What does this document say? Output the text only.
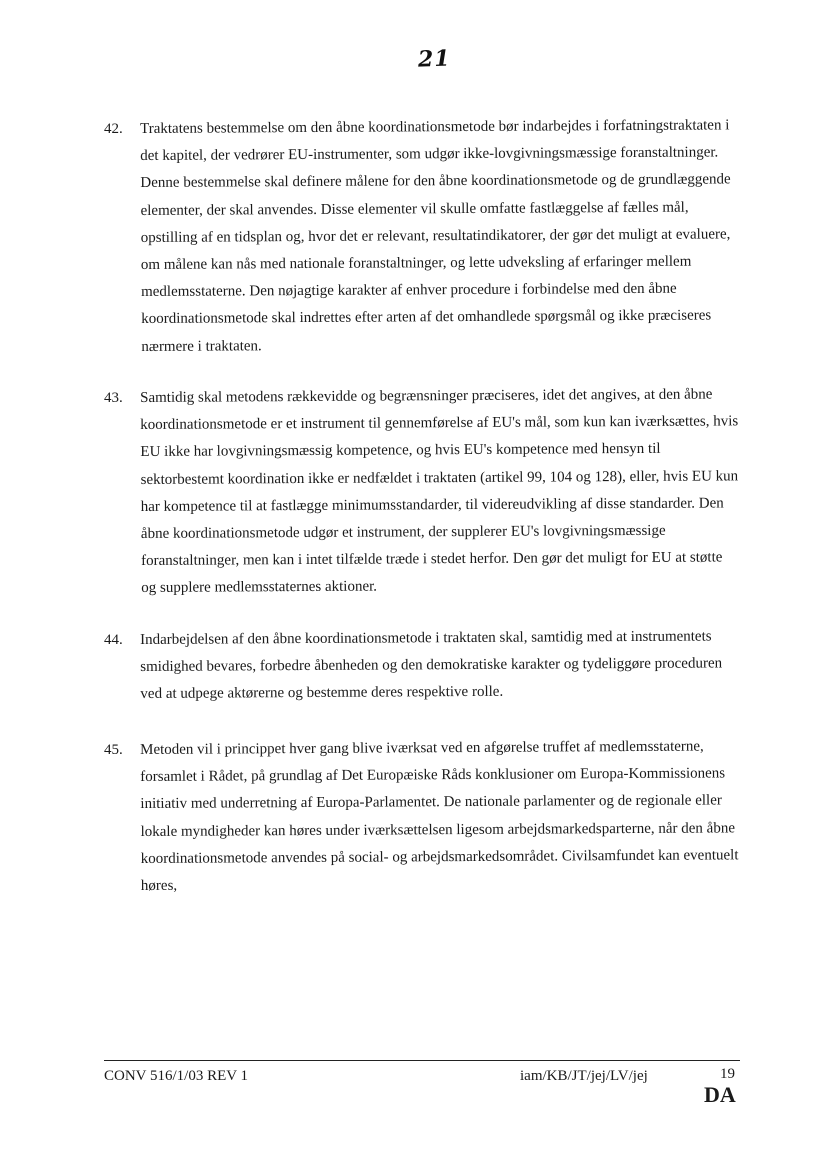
21
42. Traktatens bestemmelse om den åbne koordinationsmetode bør indarbejdes i forfatningstraktaten i det kapitel, der vedrører EU-instrumenter, som udgør ikke-lovgivningsmæssige foranstaltninger. Denne bestemmelse skal definere målene for den åbne koordinationsmetode og de grundlæggende elementer, der skal anvendes. Disse elementer vil skulle omfatte fastlæggelse af fælles mål, opstilling af en tidsplan og, hvor det er relevant, resultatindikatorer, der gør det muligt at evaluere, om målene kan nås med nationale foranstaltninger, og lette udveksling af erfaringer mellem medlemsstaterne. Den nøjagtige karakter af enhver procedure i forbindelse med den åbne koordinationsmetode skal indrettes efter arten af det omhandlede spørgsmål og ikke præciseres nærmere i traktaten.
43. Samtidig skal metodens rækkevidde og begrænsninger præciseres, idet det angives, at den åbne koordinationsmetode er et instrument til gennemførelse af EU's mål, som kun kan iværksættes, hvis EU ikke har lovgivningsmæssig kompetence, og hvis EU's kompetence med hensyn til sektorbestemt koordination ikke er nedfældet i traktaten (artikel 99, 104 og 128), eller, hvis EU kun har kompetence til at fastlægge minimumsstandarder, til videreudvikling af disse standarder. Den åbne koordinationsmetode udgør et instrument, der supplerer EU's lovgivningsmæssige foranstaltninger, men kan i intet tilfælde træde i stedet herfor. Den gør det muligt for EU at støtte og supplere medlemsstaternes aktioner.
44. Indarbejdelsen af den åbne koordinationsmetode i traktaten skal, samtidig med at instrumentets smidighed bevares, forbedre åbenheden og den demokratiske karakter og tydeliggøre proceduren ved at udpege aktørerne og bestemme deres respektive rolle.
45. Metoden vil i princippet hver gang blive iværksat ved en afgørelse truffet af medlemsstaterne, forsamlet i Rådet, på grundlag af Det Europæiske Råds konklusioner om Europa-Kommissionens initiativ med underretning af Europa-Parlamentet. De nationale parlamenter og de regionale eller lokale myndigheder kan høres under iværksættelsen ligesom arbejdsmarkedsparterne, når den åbne koordinationsmetode anvendes på social- og arbejdsmarkedsområdet. Civilsamfundet kan eventuelt høres,
CONV 516/1/03 REV 1	iam/KB/JT/jej/LV/jej	19
DA
